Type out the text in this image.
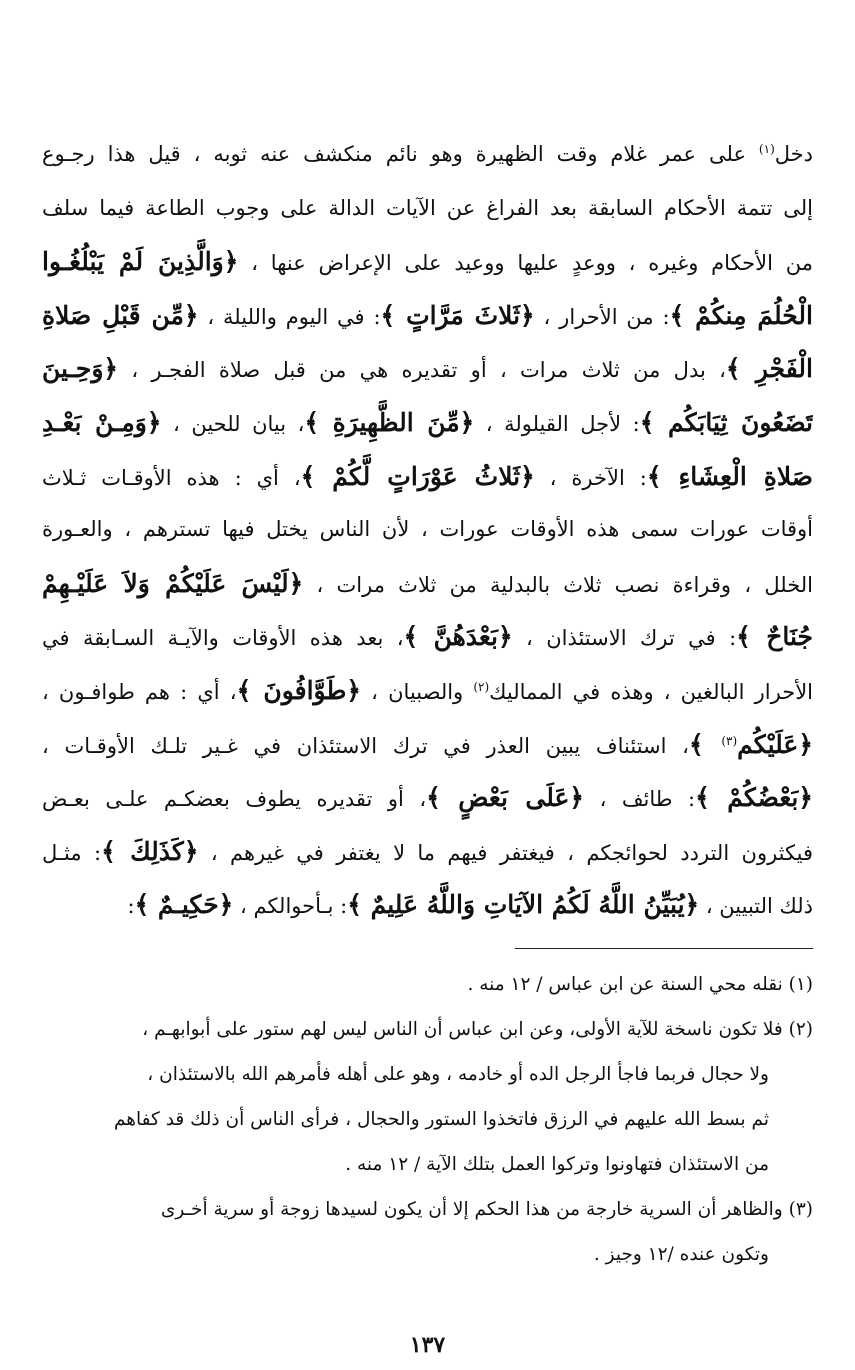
دخل$^{(١)}$ على عمر غلام وقت الظهيرة وهو نائم منكشف عنه ثوبه ، قيل هذا رجـوع
إلى تتمة الأحكام السابقة بعد الفراغ عن الآيات الدالة على وجوب الطاعة فيما سلف
من الأحكام وغيره ، ووعدٍ عليها ووعيد على الإعراض عنها ، ﴿وَالَّذِينَ لَمْ يَبْلُغُـوا
الْحُلُمَ مِنكُمْ ﴾: من الأحرار ، ﴿ثَلاثَ مَرَّاتٍ ﴾: في اليوم والليلة ، ﴿مِّن قَبْلِ صَلاةِ
الْفَجْرِ ﴾، بدل من ثلاث مرات ، أو تقديره هي من قبل صلاة الفجـر ، ﴿وَحِـينَ
تَضَعُونَ ثِيَابَكُم ﴾: لأجل القيلولة ، ﴿مِّنَ الظَّهِيرَةِ ﴾، بيان للحين ، ﴿وَمِـنْ بَعْـدِ
صَلاةِ الْعِشَاءِ ﴾: الآخرة ، ﴿ثَلاثُ عَوْرَاتٍ لَّكُمْ ﴾، أي : هذه الأوقـات ثـلاث
أوقات عورات سمى هذه الأوقات عورات ، لأن الناس يختل فيها تسترهم ، والعـورة
الخلل ، وقراءة نصب ثلاث بالبدلية من ثلاث مرات ، ﴿لَيْسَ عَلَيْكُمْ وَلاَ عَلَيْـهِمْ
جُنَاحٌ ﴾: في ترك الاستئذان ، ﴿بَعْدَهُنَّ ﴾، بعد هذه الأوقات والآيـة السـابقة في
الأحرار البالغين ، وهذه في المماليك$^{(٢)}$ والصبيان ، ﴿طَوَّافُونَ ﴾، أي : هم طوافـون ،
﴿عَلَيْكُم$^{(٣)}$ ﴾، استئناف يبين العذر في ترك الاستئذان في غـير تلـك الأوقـات ،
﴿بَعْضُكُمْ ﴾: طائف ، ﴿عَلَى بَعْضٍ ﴾، أو تقديره يطوف بعضكـم علـى بعـض
فيكثرون التردد لحوائجكم ، فيغتفر فيهم ما لا يغتفر في غيرهم ، ﴿كَذَلِكَ ﴾: مثـل
ذلك التبيين ، ﴿يُبَيِّنُ اللَّهُ لَكُمُ الآيَاتِ وَاللَّهُ عَلِيمٌ ﴾: بـأحوالكم ، ﴿حَكِيـمٌ ﴾:
(١) نقله محي السنة عن ابن عباس / ١٢ منه .
(٢) فلا تكون ناسخة للآية الأولى، وعن ابن عباس أن الناس ليس لهم ستور على أبوابهـم ،
ولا حجال فربما فاجأ الرجل الده أو خادمه ، وهو على أهله فأمرهم الله بالاستئذان ،
ثم بسط الله عليهم في الرزق فاتخذوا الستور والحجال ، فرأى الناس أن ذلك قد كفاهم
من الاستئذان فتهاونوا وتركوا العمل بتلك الآية / ١٢ منه .
(٣) والظاهر أن السرية خارجة من هذا الحكم إلا أن يكون لسيدها زوجة أو سرية أخـرى
وتكون عنده /١٢ وجيز .
١٣٧
